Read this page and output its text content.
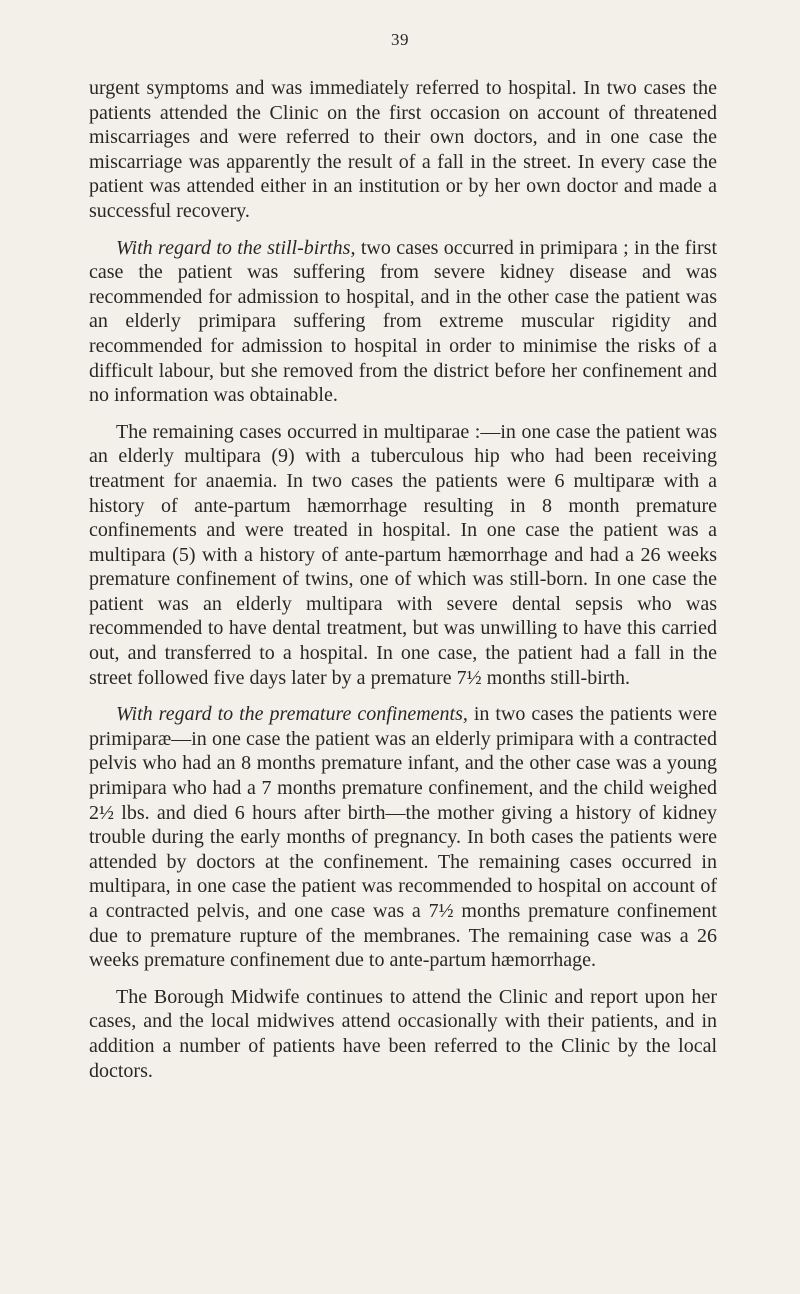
39

urgent symptoms and was immediately referred to hospital. In two cases the patients attended the Clinic on the first occasion on account of threatened miscarriages and were referred to their own doctors, and in one case the miscarriage was apparently the result of a fall in the street. In every case the patient was attended either in an institution or by her own doctor and made a successful recovery.

With regard to the still-births, two cases occurred in primipara ; in the first case the patient was suffering from severe kidney disease and was recommended for admission to hospital, and in the other case the patient was an elderly primipara suffering from extreme muscular rigidity and recommended for admission to hospital in order to minimise the risks of a difficult labour, but she removed from the district before her confinement and no information was obtainable.

The remaining cases occurred in multiparae :—in one case the patient was an elderly multipara (9) with a tuberculous hip who had been receiving treatment for anaemia. In two cases the patients were 6 multiparæ with a history of ante-partum hæmorrhage resulting in 8 month premature confinements and were treated in hospital. In one case the patient was a multipara (5) with a history of ante-partum hæmorrhage and had a 26 weeks premature confinement of twins, one of which was still-born. In one case the patient was an elderly multipara with severe dental sepsis who was recommended to have dental treatment, but was unwilling to have this carried out, and transferred to a hospital. In one case, the patient had a fall in the street followed five days later by a premature 7½ months still-birth.

With regard to the premature confinements, in two cases the patients were primiparæ—in one case the patient was an elderly primipara with a contracted pelvis who had an 8 months premature infant, and the other case was a young primipara who had a 7 months premature confinement, and the child weighed 2½ lbs. and died 6 hours after birth—the mother giving a history of kidney trouble during the early months of pregnancy. In both cases the patients were attended by doctors at the confinement. The remaining cases occurred in multipara, in one case the patient was recommended to hospital on account of a contracted pelvis, and one case was a 7½ months premature confinement due to premature rupture of the membranes. The remaining case was a 26 weeks premature confinement due to ante-partum hæmorrhage.

The Borough Midwife continues to attend the Clinic and report upon her cases, and the local midwives attend occasionally with their patients, and in addition a number of patients have been referred to the Clinic by the local doctors.
